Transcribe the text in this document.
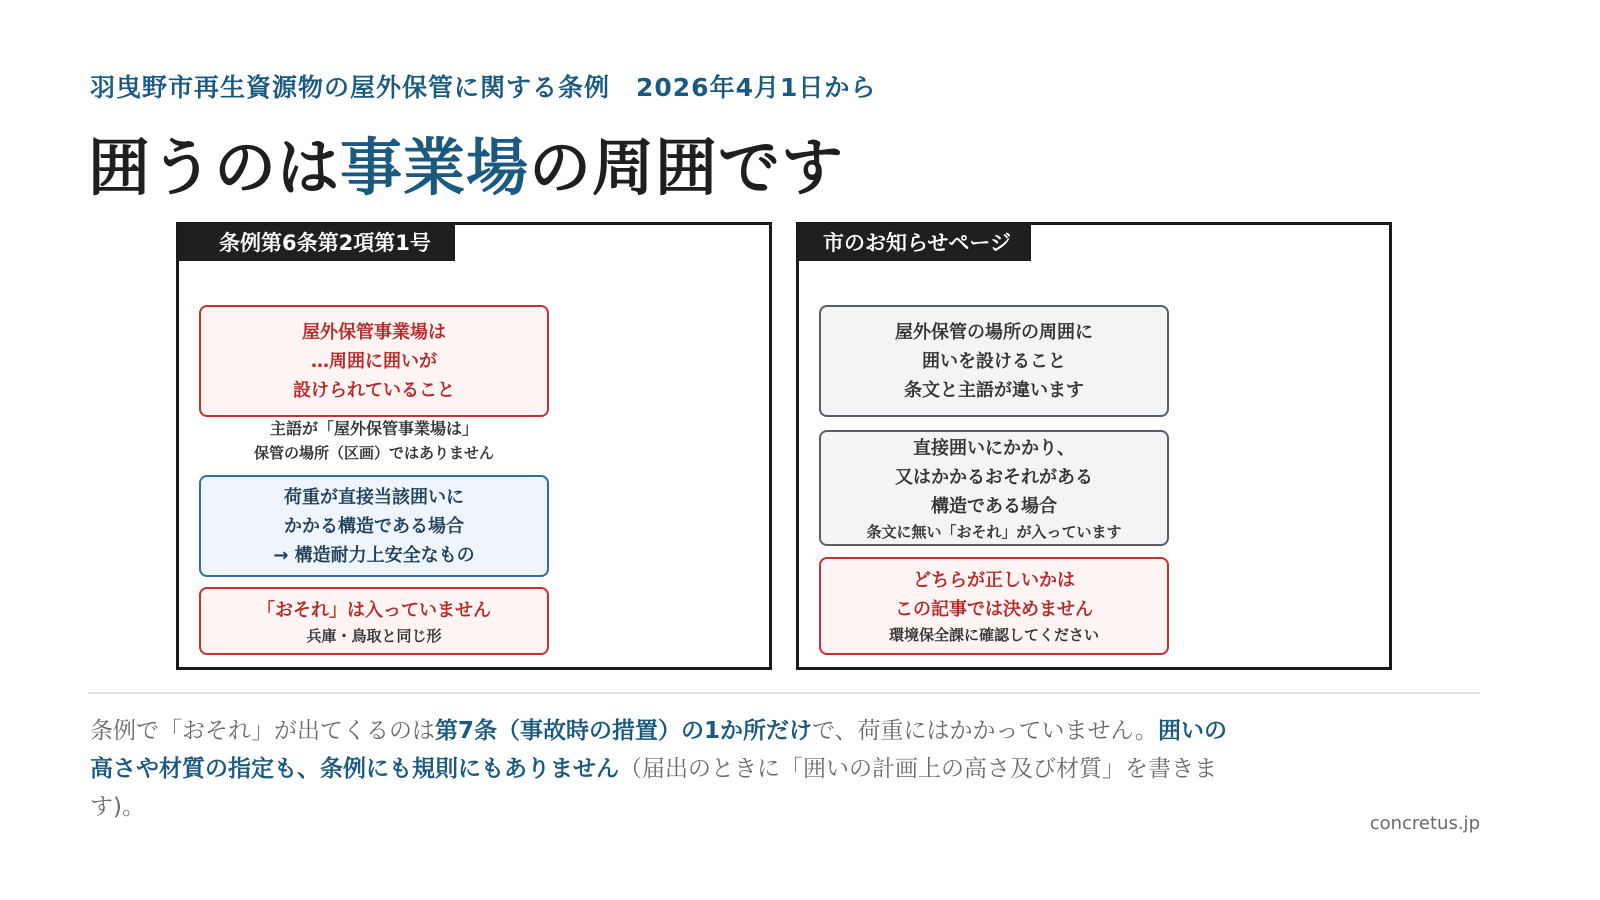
羽曳野市再生資源物の屋外保管に関する条例　2026年4月1日から
囲うのは事業場の周囲です
条例第6条第2項第1号
屋外保管事業場は
…周囲に囲いが
設けられていること
主語が「屋外保管事業場は」
保管の場所（区画）ではありません
荷重が直接当該囲いに
かかる構造である場合
→ 構造耐力上安全なもの
「おそれ」は入っていません
兵庫・鳥取と同じ形
市のお知らせページ
屋外保管の場所の周囲に
囲いを設けること
条文と主語が違います
直接囲いにかかり、
又はかかるおそれがある
構造である場合
条文に無い「おそれ」が入っています
どちらが正しいかは
この記事では決めません
環境保全課に確認してください
条例で「おそれ」が出てくるのは第7条（事故時の措置）の1か所だけで、荷重にはかかっていません。囲いの高さや材質の指定も、条例にも規則にもありません（届出のときに「囲いの計画上の高さ及び材質」を書きます)。
concretus.jp
